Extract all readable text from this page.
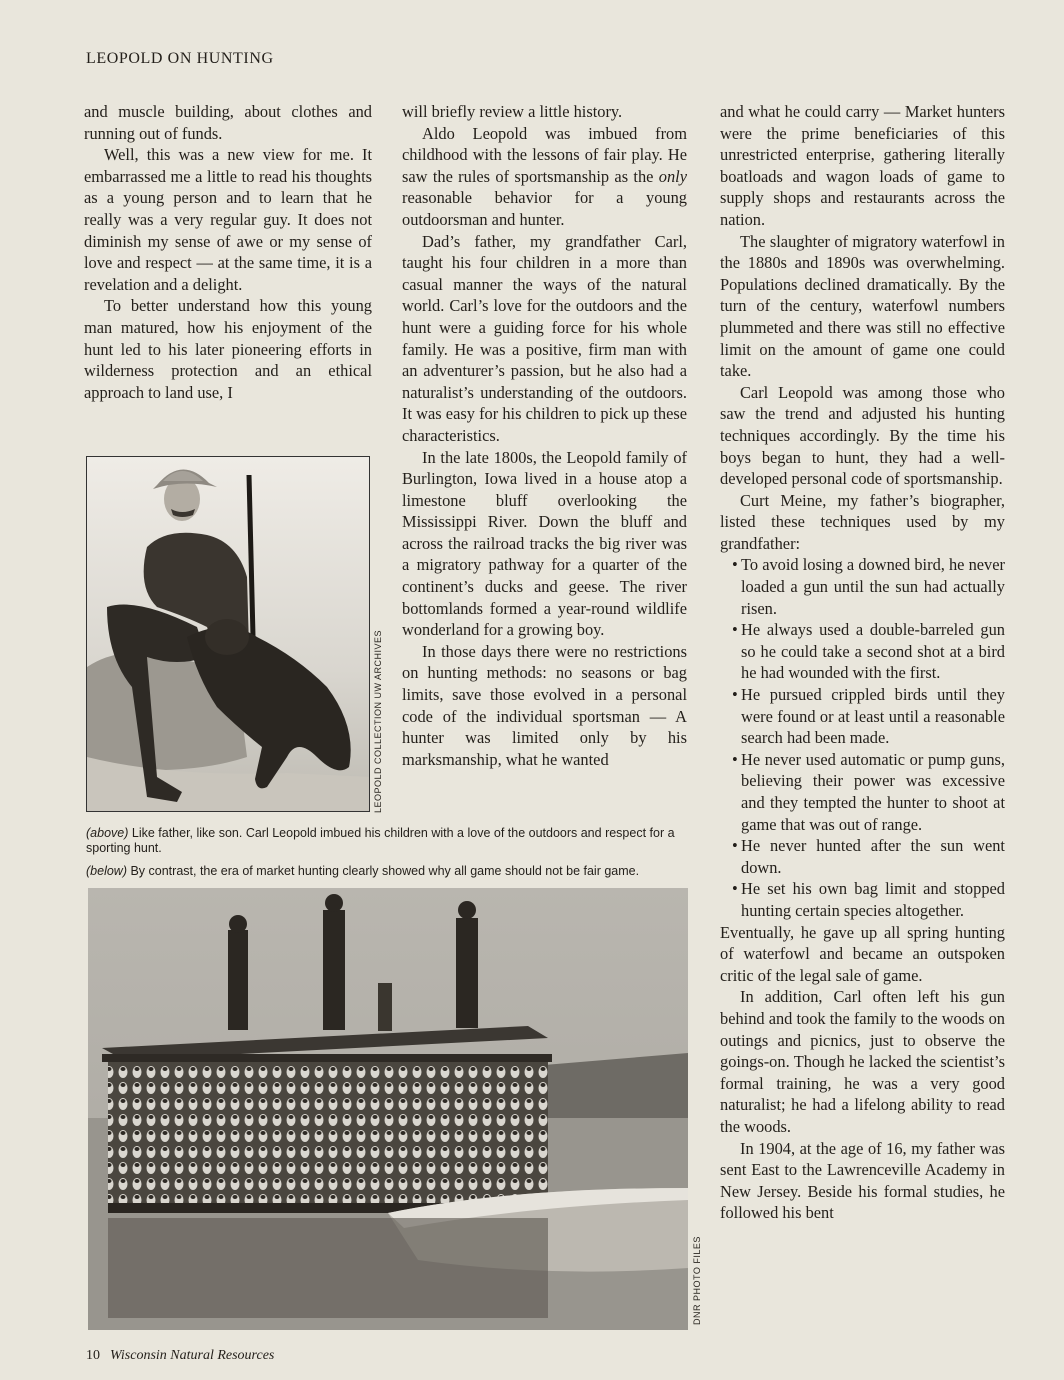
LEOPOLD ON HUNTING

and muscle building, about clothes and running out of funds.

Well, this was a new view for me. It embarrassed me a little to read his thoughts as a young person and to learn that he really was a very regular guy. It does not diminish my sense of awe or my sense of love and respect — at the same time, it is a revelation and a delight.

To better understand how this young man matured, how his enjoyment of the hunt led to his later pioneering efforts in wilderness protection and an ethical approach to land use, I

LEOPOLD COLLECTION UW ARCHIVES

will briefly review a little history.

Aldo Leopold was imbued from childhood with the lessons of fair play. He saw the rules of sportsmanship as the only reasonable behavior for a young outdoorsman and hunter.

Dad’s father, my grandfather Carl, taught his four children in a more than casual manner the ways of the natural world. Carl’s love for the outdoors and the hunt were a guiding force for his whole family. He was a positive, firm man with an adventurer’s passion, but he also had a naturalist’s understanding of the outdoors. It was easy for his children to pick up these characteristics.

In the late 1800s, the Leopold family of Burlington, Iowa lived in a house atop a limestone bluff overlooking the Mississippi River. Down the bluff and across the railroad tracks the big river was a migratory pathway for a quarter of the continent’s ducks and geese. The river bottomlands formed a year-round wildlife wonderland for a growing boy.

In those days there were no restrictions on hunting methods: no seasons or bag limits, save those evolved in a personal code of the individual sportsman — A hunter was limited only by his marksmanship, what he wanted

(above) Like father, like son. Carl Leopold imbued his children with a love of the outdoors and respect for a sporting hunt.
(below) By contrast, the era of market hunting clearly showed why all game should not be fair game.
DNR PHOTO FILES

and what he could carry — Market hunters were the prime beneficiaries of this unrestricted enterprise, gathering literally boatloads and wagon loads of game to supply shops and restaurants across the nation.

The slaughter of migratory waterfowl in the 1880s and 1890s was overwhelming. Populations declined dramatically. By the turn of the century, waterfowl numbers plummeted and there was still no effective limit on the amount of game one could take.

Carl Leopold was among those who saw the trend and adjusted his hunting techniques accordingly. By the time his boys began to hunt, they had a well-developed personal code of sportsmanship.

Curt Meine, my father’s biographer, listed these techniques used by my grandfather:

• To avoid losing a downed bird, he never loaded a gun until the sun had actually risen.
• He always used a double-barreled gun so he could take a second shot at a bird he had wounded with the first.
• He pursued crippled birds until they were found or at least until a reasonable search had been made.
• He never used automatic or pump guns, believing their power was excessive and they tempted the hunter to shoot at game that was out of range.
• He never hunted after the sun went down.
• He set his own bag limit and stopped hunting certain species altogether.

Eventually, he gave up all spring hunting of waterfowl and became an outspoken critic of the legal sale of game.

In addition, Carl often left his gun behind and took the family to the woods on outings and picnics, just to observe the goings-on. Though he lacked the scientist’s formal training, he was a very good naturalist; he had a lifelong ability to read the woods.

In 1904, at the age of 16, my father was sent East to the Lawrenceville Academy in New Jersey. Beside his formal studies, he followed his bent

10 Wisconsin Natural Resources
